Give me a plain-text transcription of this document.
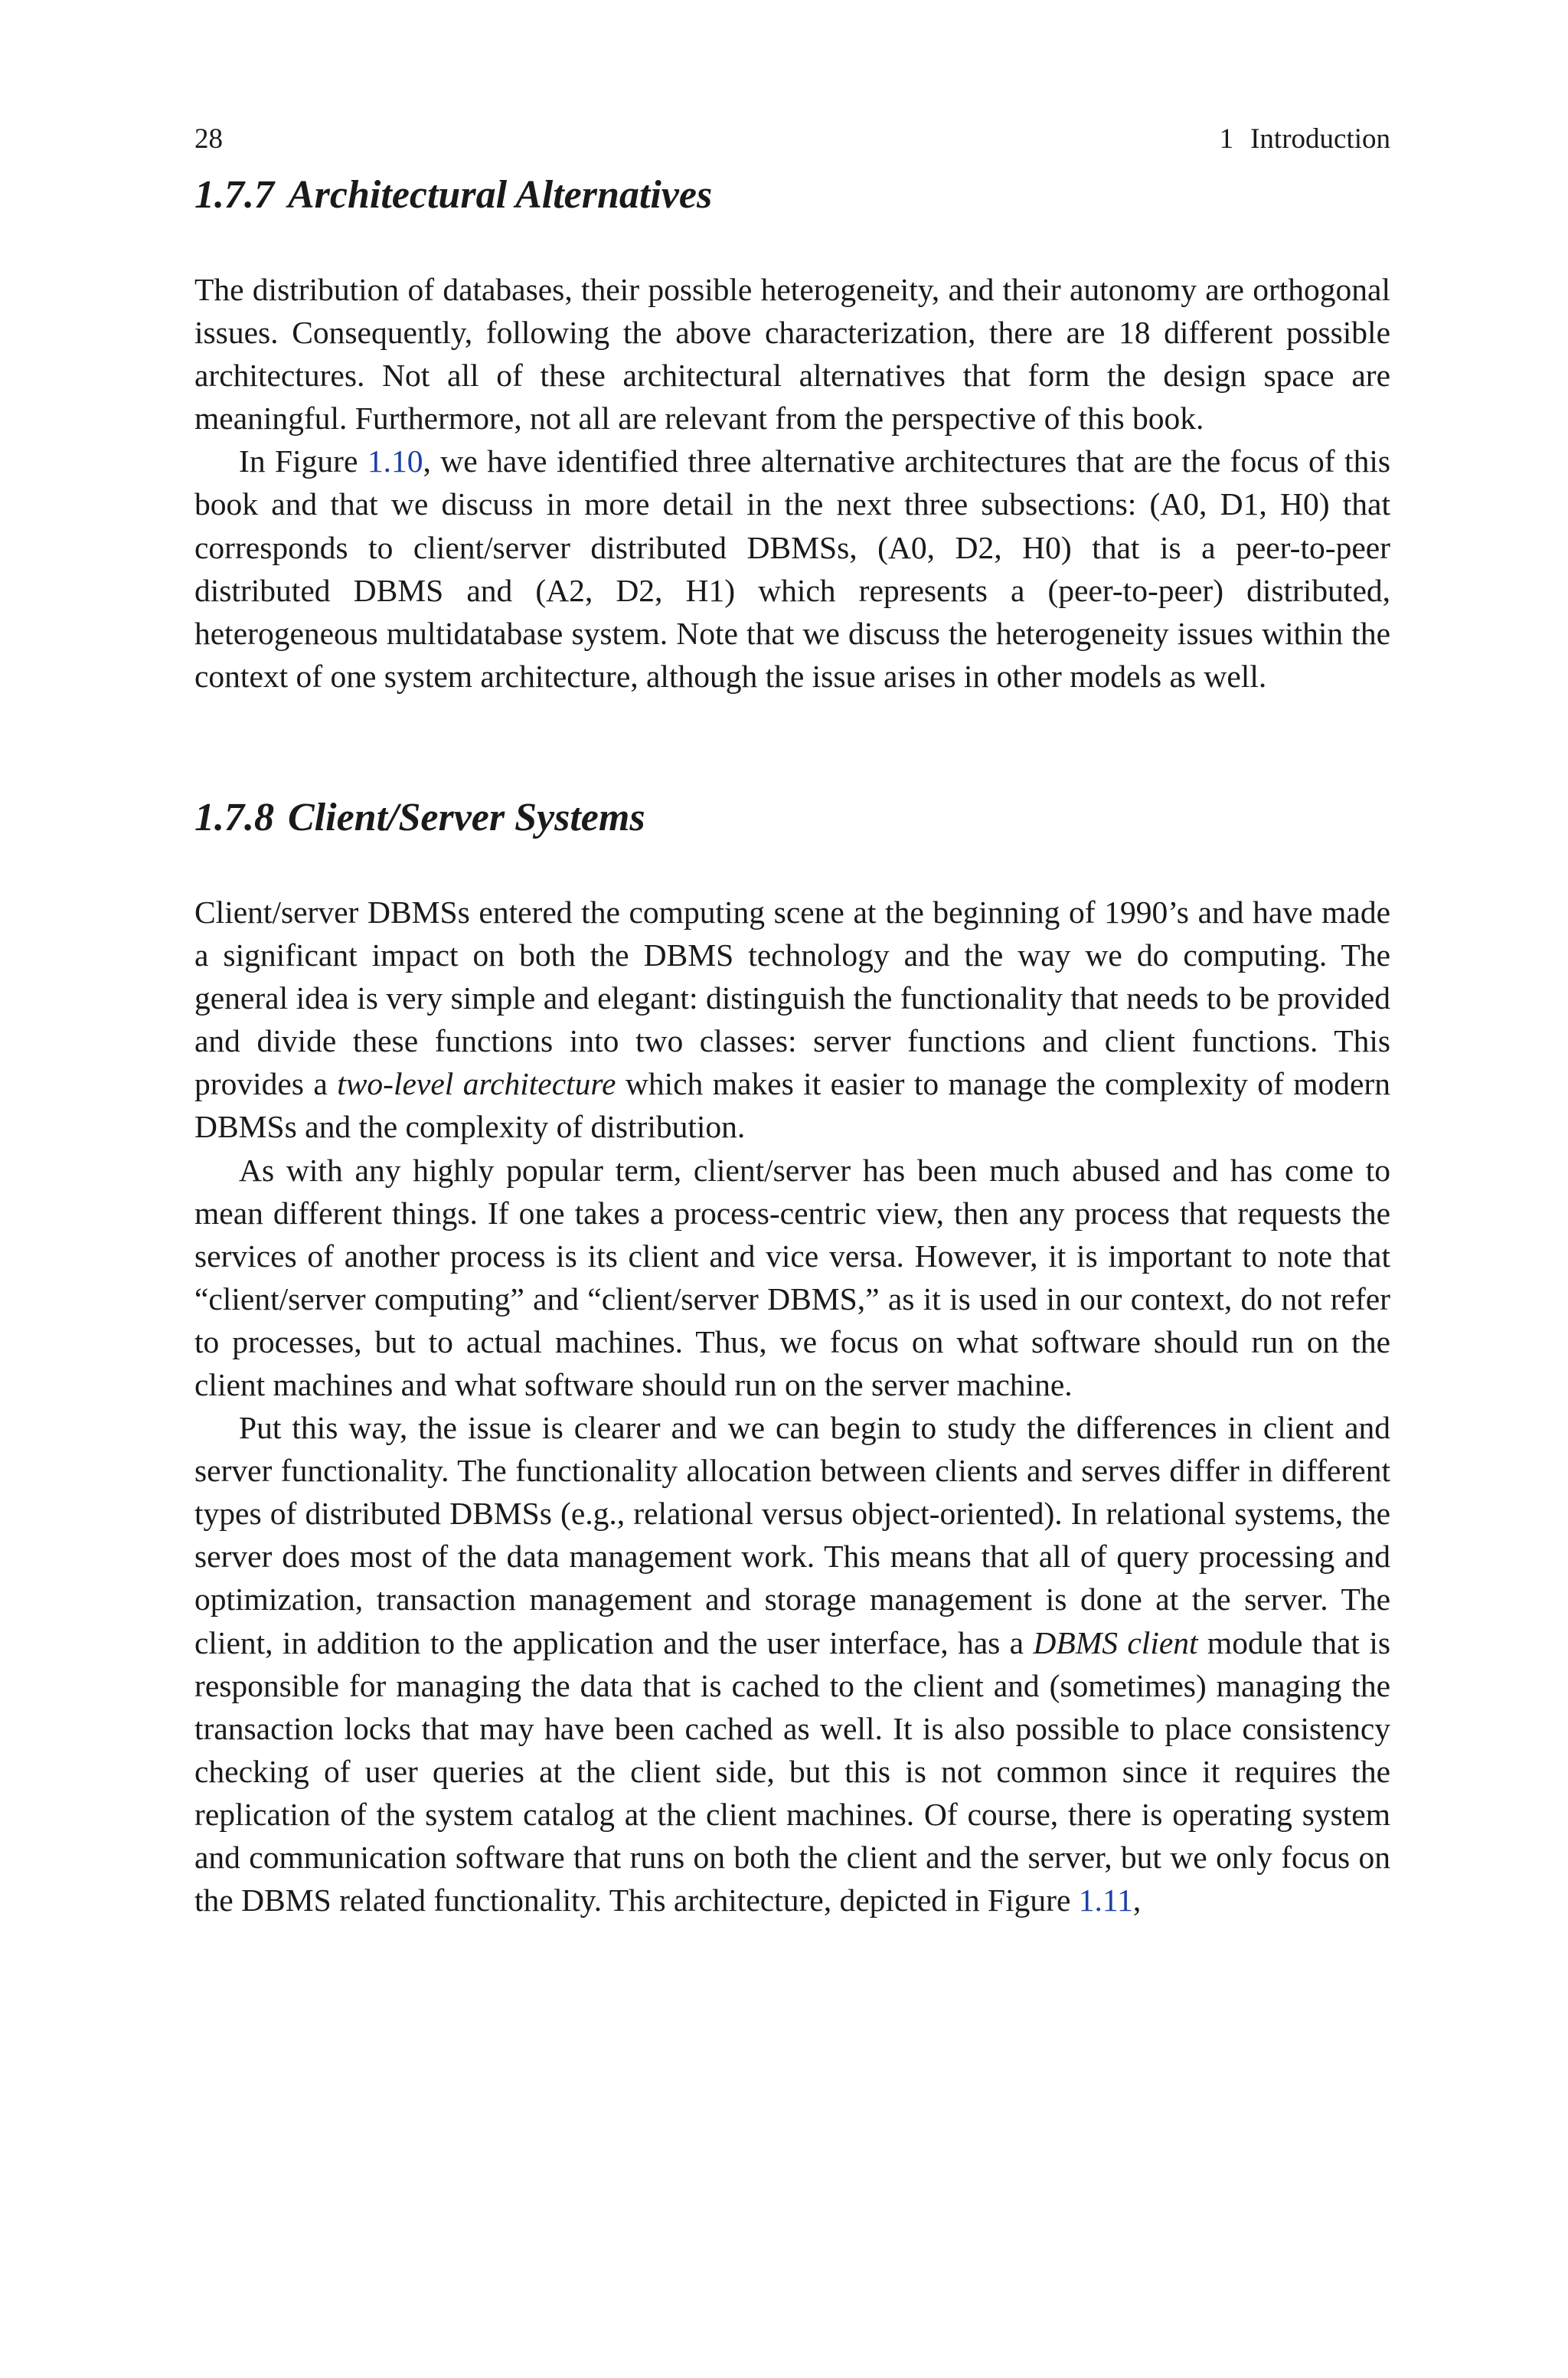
28	1 Introduction
1.7.7 Architectural Alternatives

The distribution of databases, their possible heterogeneity, and their autonomy are orthogonal issues. Consequently, following the above characterization, there are 18 different possible architectures. Not all of these architectural alternatives that form the design space are meaningful. Furthermore, not all are relevant from the perspective of this book.

In Figure 1.10, we have identified three alternative architectures that are the focus of this book and that we discuss in more detail in the next three subsections: (A0, D1, H0) that corresponds to client/server distributed DBMSs, (A0, D2, H0) that is a peer-to-peer distributed DBMS and (A2, D2, H1) which represents a (peer-to-peer) distributed, heterogeneous multidatabase system. Note that we discuss the heterogeneity issues within the context of one system architecture, although the issue arises in other models as well.

1.7.8 Client/Server Systems

Client/server DBMSs entered the computing scene at the beginning of 1990’s and have made a significant impact on both the DBMS technology and the way we do computing. The general idea is very simple and elegant: distinguish the functionality that needs to be provided and divide these functions into two classes: server functions and client functions. This provides a two-level architecture which makes it easier to manage the complexity of modern DBMSs and the complexity of distribution.

As with any highly popular term, client/server has been much abused and has come to mean different things. If one takes a process-centric view, then any process that requests the services of another process is its client and vice versa. However, it is important to note that “client/server computing” and “client/server DBMS,” as it is used in our context, do not refer to processes, but to actual machines. Thus, we focus on what software should run on the client machines and what software should run on the server machine.

Put this way, the issue is clearer and we can begin to study the differences in client and server functionality. The functionality allocation between clients and serves differ in different types of distributed DBMSs (e.g., relational versus object-oriented). In relational systems, the server does most of the data management work. This means that all of query processing and optimization, transaction management and storage management is done at the server. The client, in addition to the application and the user interface, has a DBMS client module that is responsible for managing the data that is cached to the client and (sometimes) managing the transaction locks that may have been cached as well. It is also possible to place consistency checking of user queries at the client side, but this is not common since it requires the replication of the system catalog at the client machines. Of course, there is operating system and communication software that runs on both the client and the server, but we only focus on the DBMS related functionality. This architecture, depicted in Figure 1.11,
